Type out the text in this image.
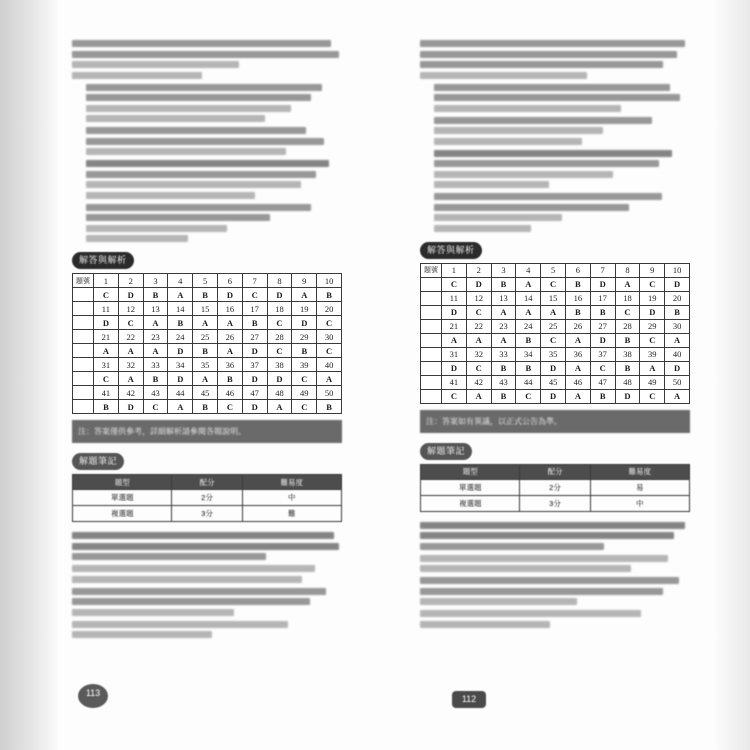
解答與解析
題號	1	2	3	4	5	6	7	8	9	10
	C	D	B	A	B	D	C	D	A	B
	11	12	13	14	15	16	17	18	19	20
	D	C	A	B	A	A	B	C	D	C
	21	22	23	24	25	26	27	28	29	30
	A	A	A	D	B	A	D	C	B	C
	31	32	33	34	35	36	37	38	39	40
	C	A	B	D	A	B	D	D	C	A
	41	42	43	44	45	46	47	48	49	50
	B	D	C	A	B	C	D	A	C	B
注：答案僅供參考，詳細解析請參閱各題說明。
解題筆記
題型	配分	難易度
單選題	2分	中
複選題	3分	難
解答與解析
題號	1	2	3	4	5	6	7	8	9	10
	C	D	B	A	C	B	D	A	C	D
	11	12	13	14	15	16	17	18	19	20
	D	C	A	A	A	B	B	C	D	B
	21	22	23	24	25	26	27	28	29	30
	A	A	A	B	C	A	D	B	C	A
	31	32	33	34	35	36	37	38	39	40
	D	C	B	B	D	A	C	B	A	D
	41	42	43	44	45	46	47	48	49	50
	C	A	B	C	D	A	B	D	C	A
注：答案如有異議，以正式公告為準。
解題筆記
題型	配分	難易度
單選題	2分	易
複選題	3分	中
113
112
